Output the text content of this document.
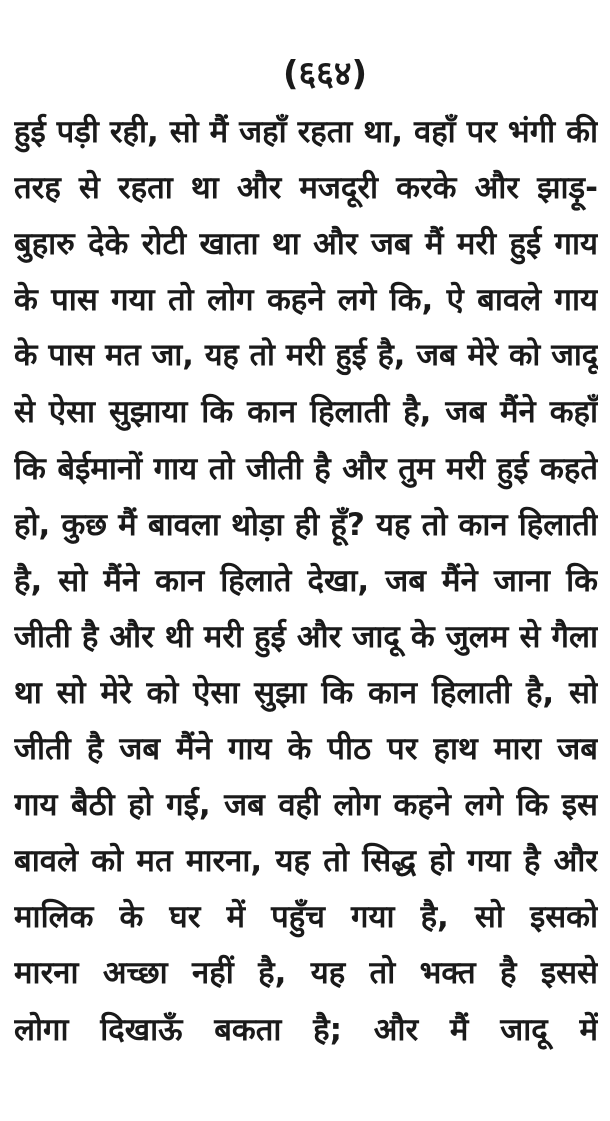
(६६४)
हुई पड़ी रही, सो मैं जहाँ रहता था, वहाँ पर भंगी की
तरह से रहता था और मजदूरी करके और झाड़ू-
बुहारु देके रोटी खाता था और जब मैं मरी हुई गाय
के पास गया तो लोग कहने लगे कि, ऐ बावले गाय
के पास मत जा, यह तो मरी हुई है, जब मेरे को जादू
से ऐसा सुझाया कि कान हिलाती है, जब मैंने कहाँ
कि बेईमानों गाय तो जीती है और तुम मरी हुई कहते
हो, कुछ मैं बावला थोड़ा ही हूँ? यह तो कान हिलाती
है, सो मैंने कान हिलाते देखा, जब मैंने जाना कि
जीती है और थी मरी हुई और जादू के जुलम से गैला
था सो मेरे को ऐसा सुझा कि कान हिलाती है, सो
जीती है जब मैंने गाय के पीठ पर हाथ मारा जब
गाय बैठी हो गई, जब वही लोग कहने लगे कि इस
बावले को मत मारना, यह तो सिद्ध हो गया है और
मालिक के घर में पहुँच गया है, सो इसको
मारना अच्छा नहीं है, यह तो भक्त है इससे
लोगा दिखाऊँ बकता है; और मैं जादू में
